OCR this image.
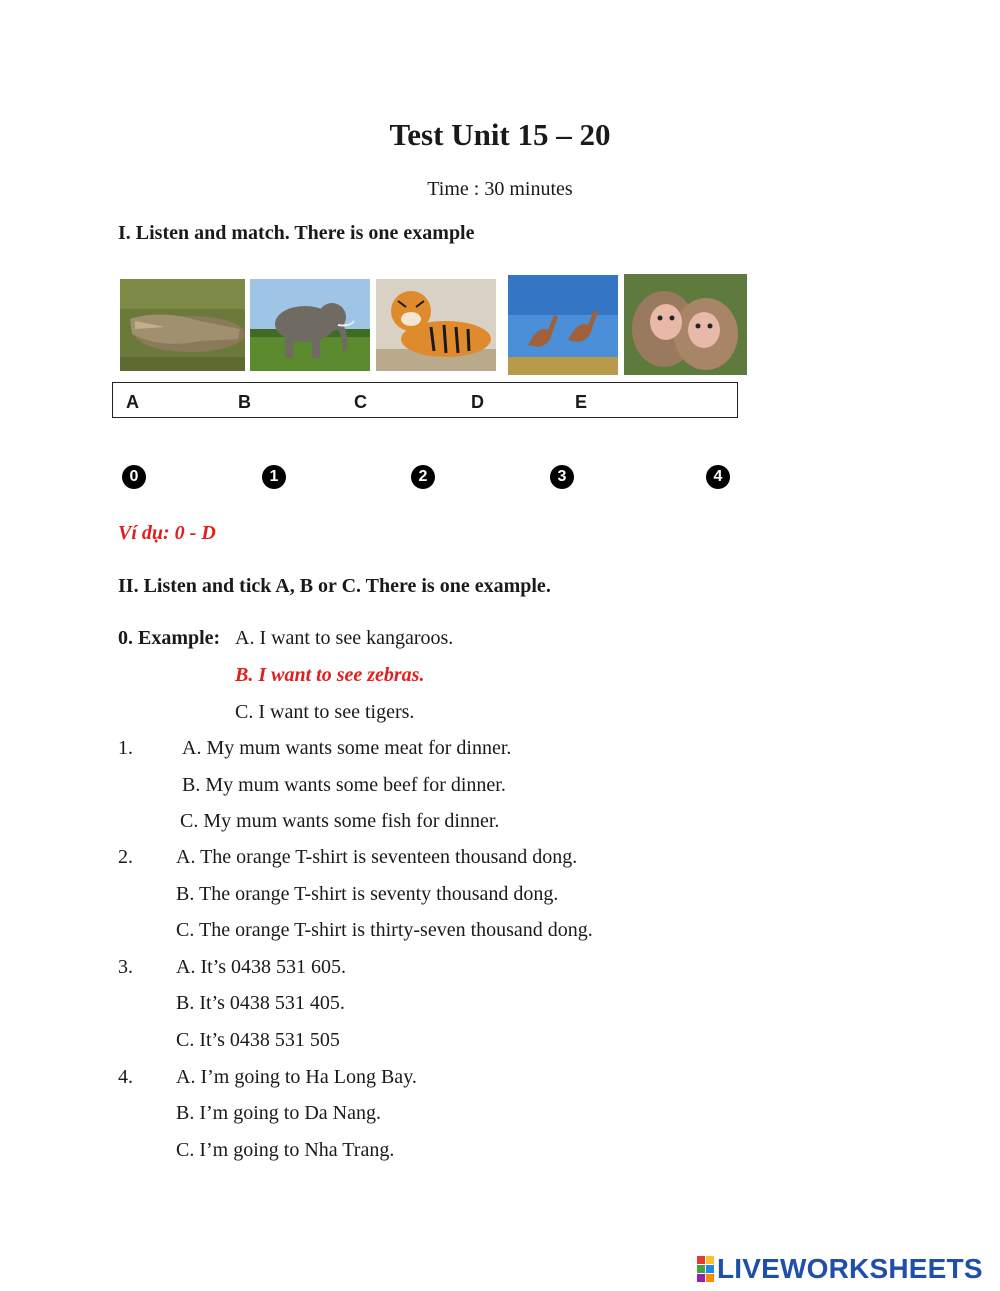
Test Unit 15 – 20
Time : 30 minutes
I. Listen and match. There is one example
A	B	C	D	E
0	1	2	3	4
Ví dụ: 0 - D
II. Listen and tick A, B or C. There is one example.
0. Example: A. I want to see kangaroos.
B. I want to see zebras.
C. I want to see tigers.
1. A. My mum wants some meat for dinner.
B. My mum wants some beef for dinner.
C. My mum wants some fish for dinner.
2. A. The orange T-shirt is seventeen thousand dong.
B. The orange T-shirt is seventy thousand dong.
C. The orange T-shirt is thirty-seven thousand dong.
3. A. It’s 0438 531 605.
B. It’s 0438 531 405.
C. It’s 0438 531 505
4. A. I’m going to Ha Long Bay.
B. I’m going to Da Nang.
C. I’m going to Nha Trang.
LIVEWORKSHEETS
